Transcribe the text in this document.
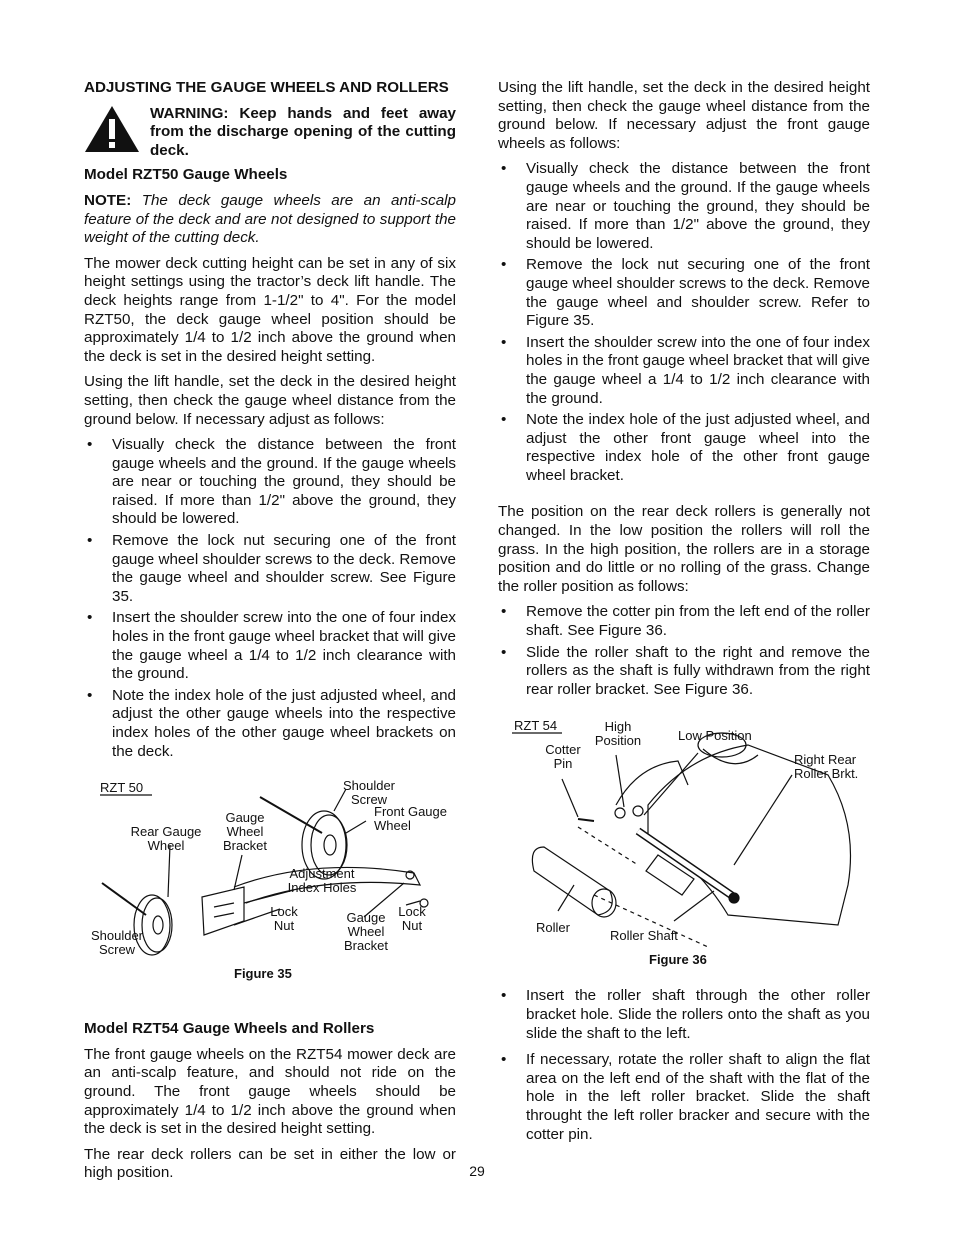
ADJUSTING THE GAUGE WHEELS AND ROLLERS
WARNING: Keep hands and feet away from the discharge opening of the cutting deck.
Model RZT50 Gauge Wheels

NOTE: The deck gauge wheels are an anti-scalp feature of the deck and are not designed to support the weight of the cutting deck.

The mower deck cutting height can be set in any of six height settings using the tractor’s deck lift handle. The deck heights range from 1-1/2" to 4". For the model RZT50, the deck gauge wheel position should be approximately 1/4 to 1/2 inch above the ground when the deck is set in the desired height setting.

Using the lift handle, set the deck in the desired height setting, then check the gauge wheel distance from the ground below. If necessary adjust as follows:

• Visually check the distance between the front gauge wheels and the ground. If the gauge wheels are near or touching the ground, they should be raised. If more than 1/2" above the ground, they should be lowered.
• Remove the lock nut securing one of the front gauge wheel shoulder screws to the deck. Remove the gauge wheel and shoulder screw. See Figure 35.
• Insert the shoulder screw into the one of four index holes in the front gauge wheel bracket that will give the gauge wheel a 1/4 to 1/2 inch clearance with the ground.
• Note the index hole of the just adjusted wheel, and adjust the other gauge wheels into the respective index holes of the other gauge wheel brackets on the deck.
RZT 50	Shoulder Screw
Front Gauge Wheel
Rear Gauge Wheel
Gauge Wheel Bracket
Adjustment Index Holes
Lock Nut
Lock Nut
Gauge Wheel Bracket
Shoulder Screw
Figure 35
Model RZT54 Gauge Wheels and Rollers

The front gauge wheels on the RZT54 mower deck are an anti-scalp feature, and should not ride on the ground. The front gauge wheels should be approximately 1/4 to 1/2 inch above the ground when the deck is set in the desired height setting.

The rear deck rollers can be set in either the low or high position.

Using the lift handle, set the deck in the desired height setting, then check the gauge wheel distance from the ground below. If necessary adjust the front gauge wheels as follows:

• Visually check the distance between the front gauge wheels and the ground. If the gauge wheels are near or touching the ground, they should be raised. If more than 1/2" above the ground, they should be lowered.
• Remove the lock nut securing one of the front gauge wheel shoulder screws to the deck. Remove the gauge wheel and shoulder screw. Refer to Figure 35.
• Insert the shoulder screw into the one of four index holes in the front gauge wheel bracket that will give the gauge wheel a 1/4 to 1/2 inch clearance with the ground.
• Note the index hole of the just adjusted wheel, and adjust the other front gauge wheel into the respective index hole of the other front gauge wheel bracket.

The position on the rear deck rollers is generally not changed. In the low position the rollers will roll the grass. In the high position, the rollers are in a storage position and do little or no rolling of the grass. Change the roller position as follows:

• Remove the cotter pin from the left end of the roller shaft. See Figure 36.
• Slide the roller shaft to the right and remove the rollers as the shaft is fully withdrawn from the right rear roller bracket. See Figure 36.
RZT 54
Cotter Pin
High Position	Low Position
Right Rear Roller Brkt.
Roller
Roller Shaft
Figure 36
• Insert the roller shaft through the other roller bracket hole. Slide the rollers onto the shaft as you slide the shaft to the left.
• If necessary, rotate the roller shaft to align the flat area on the left end of the shaft with the flat of the hole in the left roller bracket. Slide the shaft throught the left roller bracker and secure with the cotter pin.
29
